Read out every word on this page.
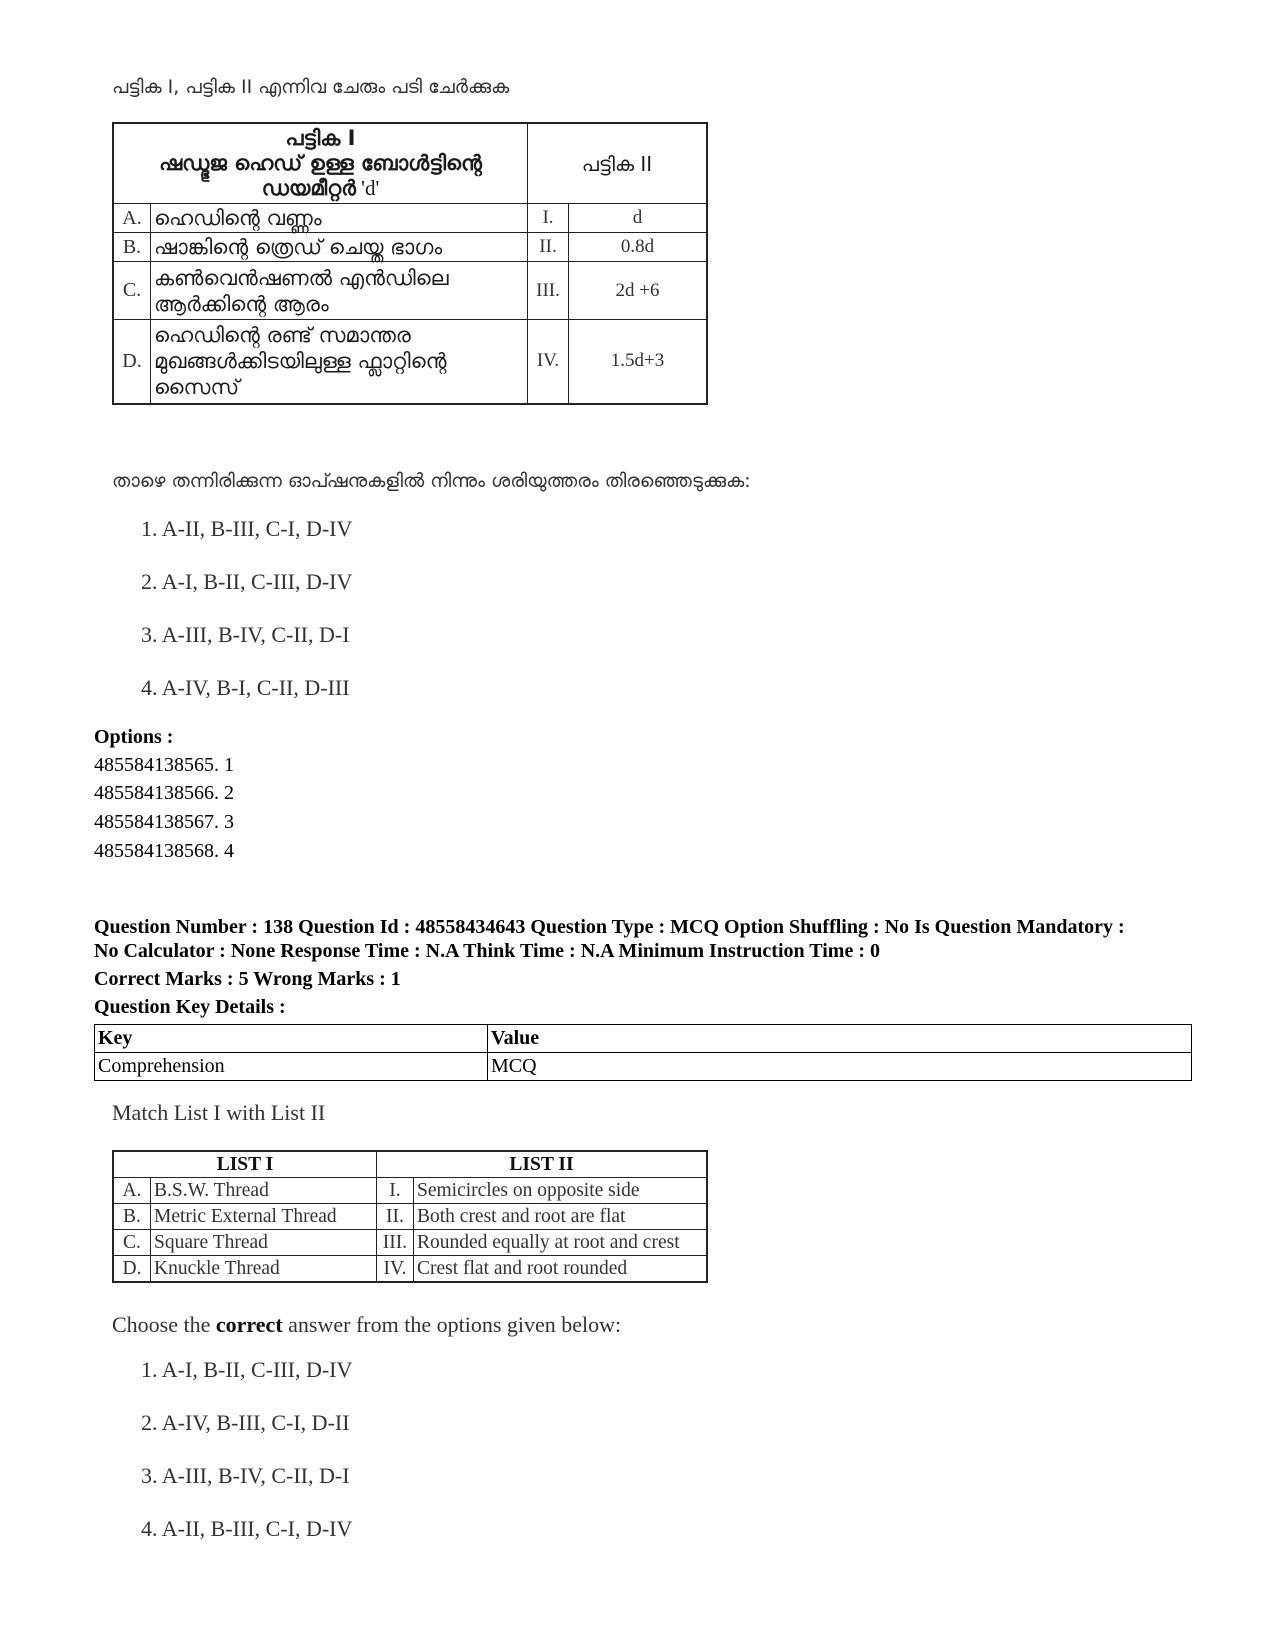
പട്ടിക I, പട്ടിക II എന്നിവ ചേരും പടി ചേർക്കുക
പട്ടിക I
ഷഡ്ഭുജ ഹെഡ് ഉള്ള ബോൾട്ടിന്റെ ഡയമീറ്റർ 'd'		പട്ടിക II	
A.	ഹെഡിന്റെ വണ്ണം	I.	d
B.	ഷാങ്കിന്റെ ത്രെഡ് ചെയ്ത ഭാഗം	II.	0.8d
C.	കൺവെൻഷണൽ എൻഡിലെ ആർക്കിന്റെ ആരം	III.	2d +6
D.	ഹെഡിന്റെ രണ്ട് സമാന്തര മുഖങ്ങൾക്കിടയിലുള്ള ഫ്ലാറ്റിന്റെ സൈസ്	IV.	1.5d+3
താഴെ തന്നിരിക്കുന്ന ഓപ്ഷനുകളിൽ നിന്നും ശരിയുത്തരം തിരഞ്ഞെടുക്കുക:
1. A-II, B-III, C-I, D-IV
2. A-I, B-II, C-III, D-IV
3. A-III, B-IV, C-II, D-I
4. A-IV, B-I, C-II, D-III
Options :
485584138565. 1
485584138566. 2
485584138567. 3
485584138568. 4
Question Number : 138 Question Id : 48558434643 Question Type : MCQ Option Shuffling : No Is Question Mandatory :
No Calculator : None Response Time : N.A Think Time : N.A Minimum Instruction Time : 0
Correct Marks : 5 Wrong Marks : 1
Question Key Details :
Key	Value
Comprehension	MCQ
Match List I with List II
LIST I		LIST II	
A.	B.S.W. Thread	I.	Semicircles on opposite side
B.	Metric External Thread	II.	Both crest and root are flat
C.	Square Thread	III.	Rounded equally at root and crest
D.	Knuckle Thread	IV.	Crest flat and root rounded
Choose the correct answer from the options given below:
1. A-I, B-II, C-III, D-IV
2. A-IV, B-III, C-I, D-II
3. A-III, B-IV, C-II, D-I
4. A-II, B-III, C-I, D-IV
